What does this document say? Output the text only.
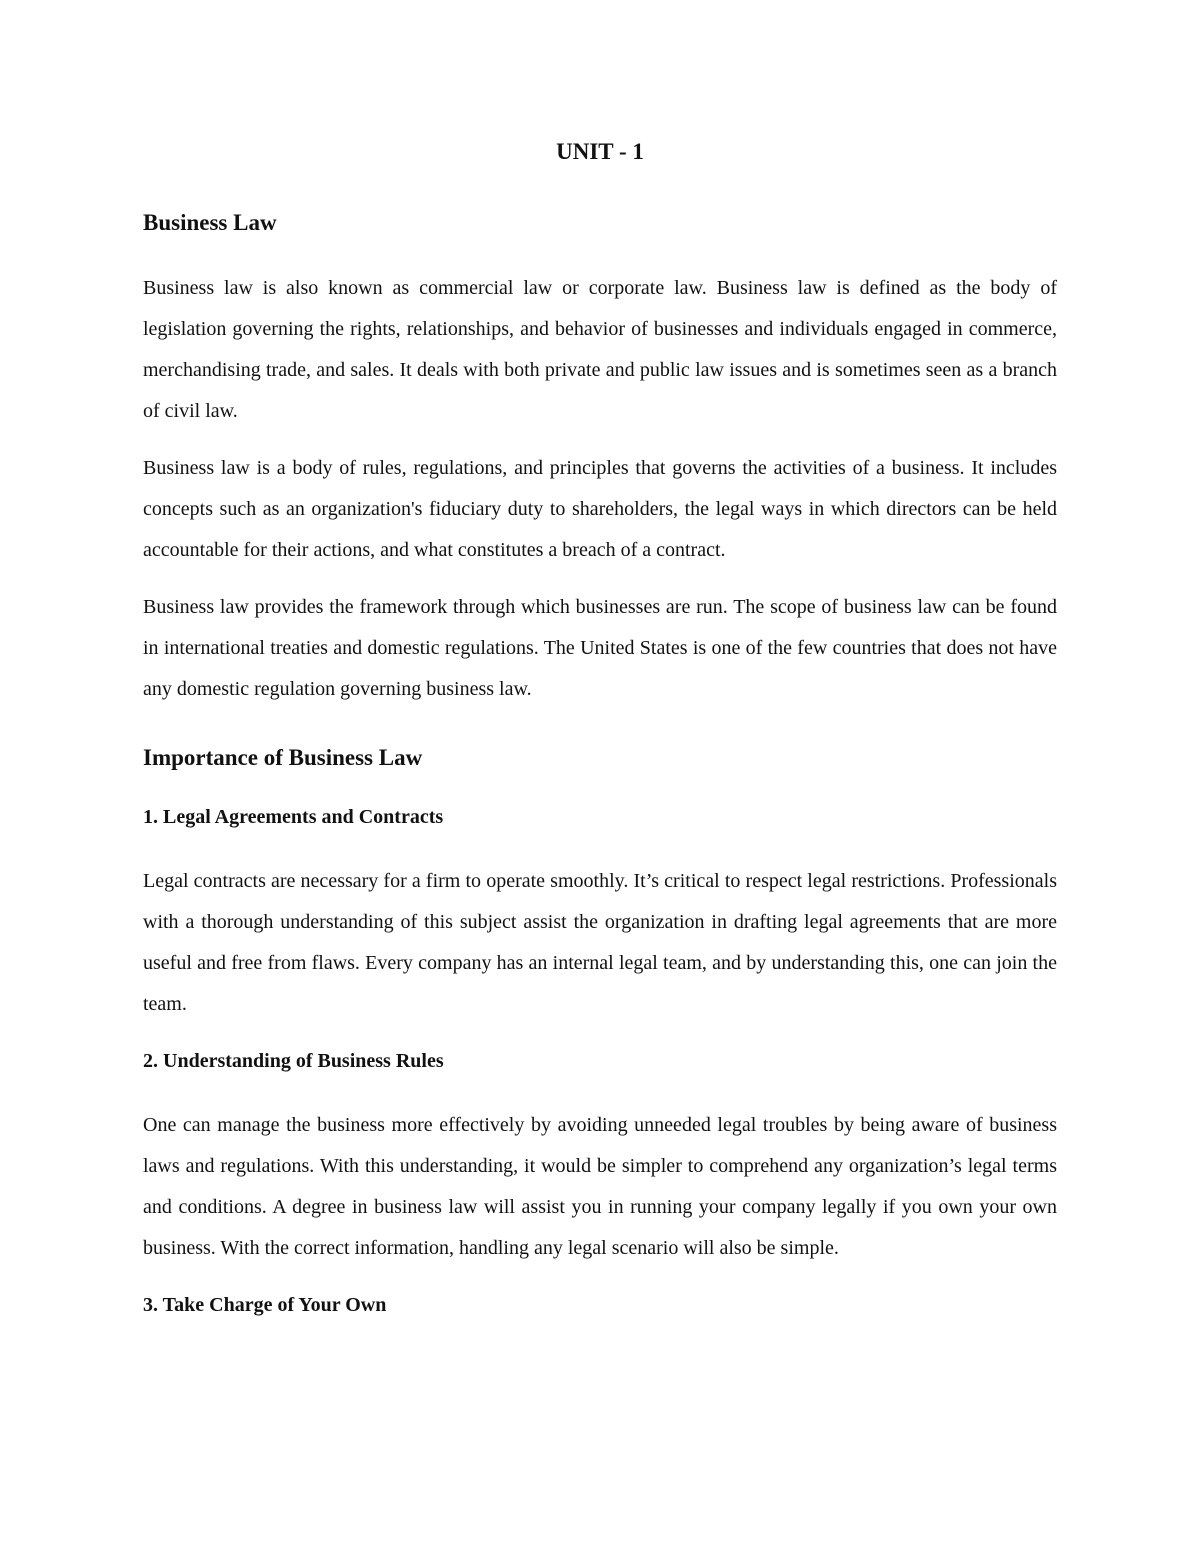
UNIT - 1
Business Law

Business law is also known as commercial law or corporate law. Business law is defined as the body of legislation governing the rights, relationships, and behavior of businesses and individuals engaged in commerce, merchandising trade, and sales. It deals with both private and public law issues and is sometimes seen as a branch of civil law.

Business law is a body of rules, regulations, and principles that governs the activities of a business. It includes concepts such as an organization's fiduciary duty to shareholders, the legal ways in which directors can be held accountable for their actions, and what constitutes a breach of a contract.

Business law provides the framework through which businesses are run. The scope of business law can be found in international treaties and domestic regulations. The United States is one of the few countries that does not have any domestic regulation governing business law.

Importance of Business Law
1. Legal Agreements and Contracts

Legal contracts are necessary for a firm to operate smoothly. It’s critical to respect legal restrictions. Professionals with a thorough understanding of this subject assist the organization in drafting legal agreements that are more useful and free from flaws. Every company has an internal legal team, and by understanding this, one can join the team.

2. Understanding of Business Rules

One can manage the business more effectively by avoiding unneeded legal troubles by being aware of business laws and regulations. With this understanding, it would be simpler to comprehend any organization’s legal terms and conditions. A degree in business law will assist you in running your company legally if you own your own business. With the correct information, handling any legal scenario will also be simple.

3. Take Charge of Your Own
